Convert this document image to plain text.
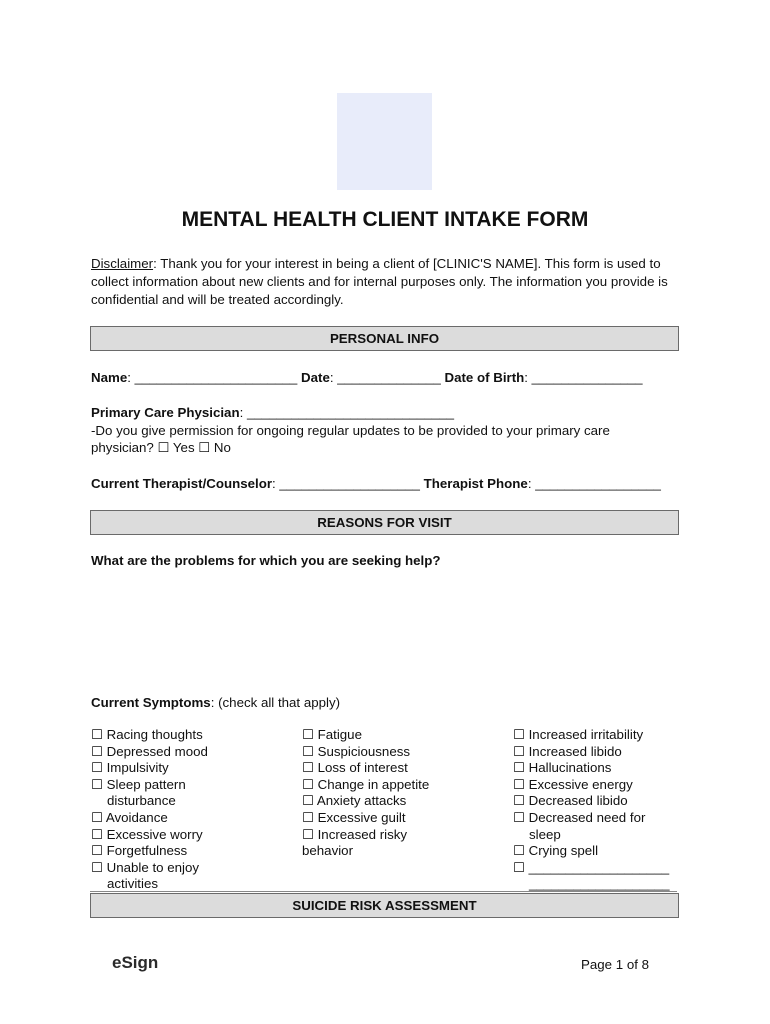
MENTAL HEALTH CLIENT INTAKE FORM
Disclaimer: Thank you for your interest in being a client of [CLINIC'S NAME]. This form is used to collect information about new clients and for internal purposes only. The information you provide is confidential and will be treated accordingly.
PERSONAL INFO
Name: ______________________ Date: ______________ Date of Birth: _______________
Primary Care Physician: ____________________________
-Do you give permission for ongoing regular updates to be provided to your primary care
physician? ☐ Yes ☐ No
Current Therapist/Counselor: ___________________ Therapist Phone: _________________
REASONS FOR VISIT
What are the problems for which you are seeking help?
Current Symptoms: (check all that apply)
☐ Racing thoughts
☐ Depressed mood
☐ Impulsivity
☐ Sleep pattern
disturbance
☐ Avoidance
☐ Excessive worry
☐ Forgetfulness
☐ Unable to enjoy
activities
☐ Fatigue
☐ Suspiciousness
☐ Loss of interest
☐ Change in appetite
☐ Anxiety attacks
☐ Excessive guilt
☐ Increased risky
behavior
☐ Increased irritability
☐ Increased libido
☐ Hallucinations
☐ Excessive energy
☐ Decreased libido
☐ Decreased need for
sleep
☐ Crying spell
☐ ___________________
___________________
SUICIDE RISK ASSESSMENT
eSign	Page 1 of 8
